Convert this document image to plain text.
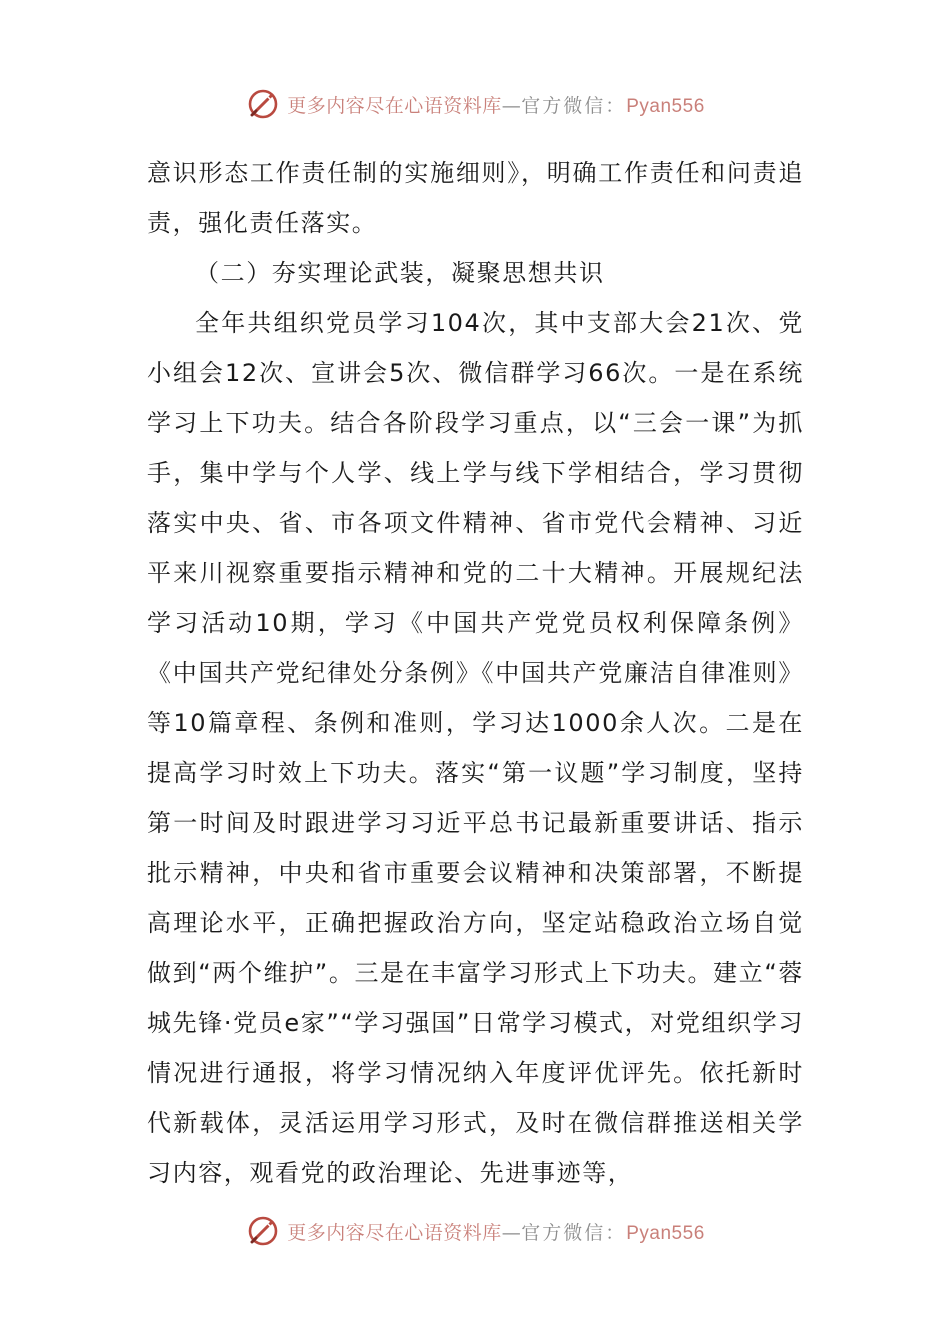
更多内容尽在心语资料库—官方微信：Pyan556

意识形态工作责任制的实施细则》，明确工作责任和问责追责，强化责任落实。

（二）夯实理论武装，凝聚思想共识

全年共组织党员学习104次，其中支部大会21次、党小组会12次、宣讲会5次、微信群学习66次。一是在系统学习上下功夫。结合各阶段学习重点，以“三会一课”为抓手，集中学与个人学、线上学与线下学相结合，学习贯彻落实中央、省、市各项文件精神、省市党代会精神、习近平来川视察重要指示精神和党的二十大精神。开展规纪法学习活动10期，学习《中国共产党党员权利保障条例》《中国共产党纪律处分条例》《中国共产党廉洁自律准则》等10篇章程、条例和准则，学习达1000余人次。二是在提高学习时效上下功夫。落实“第一议题”学习制度，坚持第一时间及时跟进学习习近平总书记最新重要讲话、指示批示精神，中央和省市重要会议精神和决策部署，不断提高理论水平，正确把握政治方向，坚定站稳政治立场自觉做到“两个维护”。三是在丰富学习形式上下功夫。建立“蓉城先锋·党员e家”“学习强国”日常学习模式，对党组织学习情况进行通报，将学习情况纳入年度评优评先。依托新时代新载体，灵活运用学习形式，及时在微信群推送相关学习内容，观看党的政治理论、先进事迹等，

更多内容尽在心语资料库—官方微信：Pyan556
